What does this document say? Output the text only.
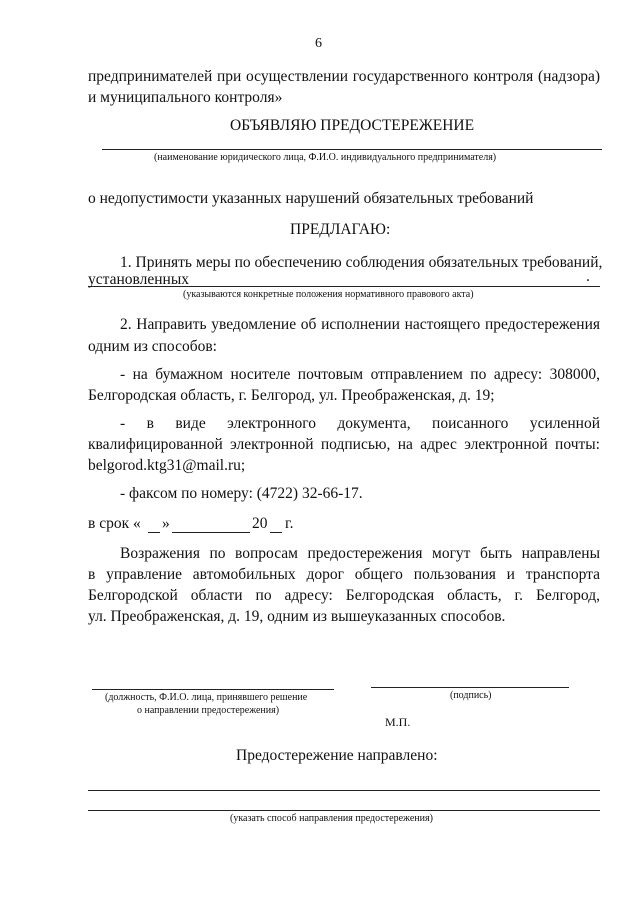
6
предпринимателей при осуществлении государственного контроля (надзора)
и муниципального контроля»
ОБЪЯВЛЯЮ ПРЕДОСТЕРЕЖЕНИЕ
(наименование юридического лица, Ф.И.О. индивидуального предпринимателя)
о недопустимости указанных нарушений обязательных требований
ПРЕДЛАГАЮ:
1. Принять меры по обеспечению соблюдения обязательных требований,
установленных	.
(указываются конкретные положения нормативного правового акта)
2. Направить уведомление об исполнении настоящего предостережения
одним из способов:
- на бумажном носителе почтовым отправлением по адресу: 308000,
Белгородская область, г. Белгород, ул. Преображенская, д. 19;
- в виде электронного документа, поисанного усиленной
квалифицированной электронной подписью, на адрес электронной почты:
belgorod.ktg31@mail.ru;
- факсом по номеру: (4722) 32-66-17.
в срок « »	20 г.
Возражения по вопросам предостережения могут быть направлены
в управление автомобильных дорог общего пользования и транспорта
Белгородской области по адресу: Белгородская область, г. Белгород,
ул. Преображенская, д. 19, одним из вышеуказанных способов.
(должность, Ф.И.О. лица, принявшего решение
о направлении предостережения)
(подпись)
М.П.
Предостережение направлено:
(указать способ направления предостережения)
